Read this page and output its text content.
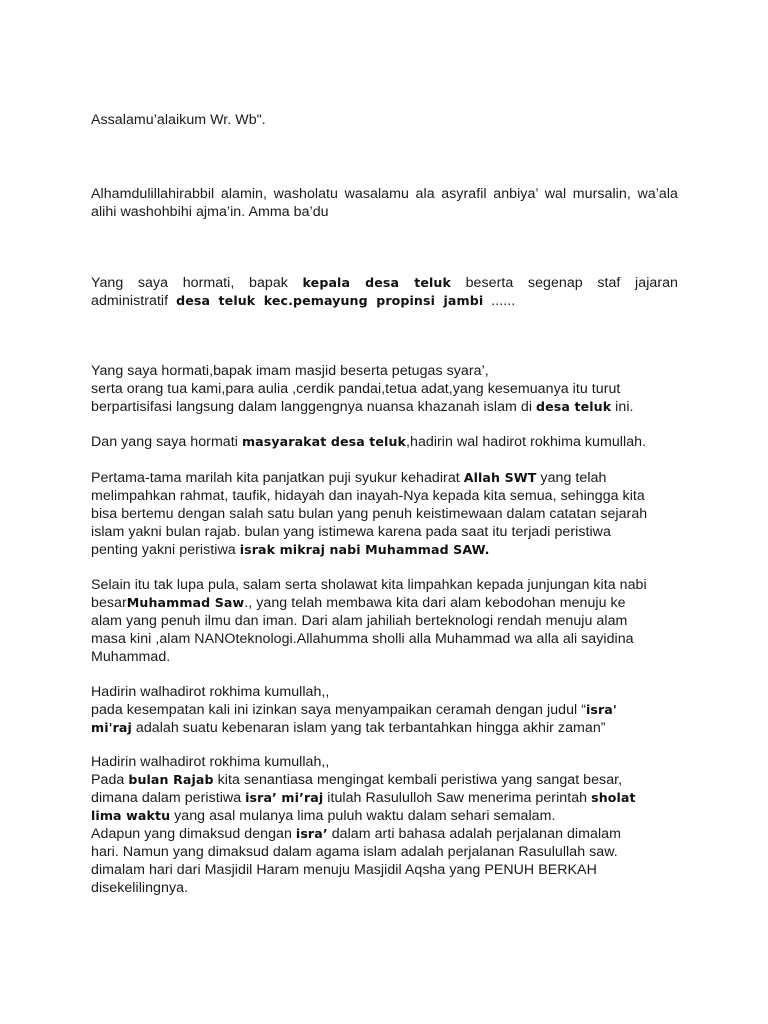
Assalamu’alaikum Wr. Wb".
Alhamdulillahirabbil alamin, washolatu wasalamu ala asyrafil anbiya’ wal mursalin, wa’ala alihi washohbihi ajma’in. Amma ba’du
Yang saya hormati, bapak kepala desa teluk beserta segenap staf jajaran administratif desa teluk kec.pemayung propinsi jambi ......
Yang saya hormati,bapak imam masjid beserta petugas syara’,
serta orang tua kami,para aulia ,cerdik pandai,tetua adat,yang kesemuanya itu turut
berpartisifasi langsung dalam langgengnya nuansa khazanah islam di desa teluk ini.
Dan yang saya hormati masyarakat desa teluk,hadirin wal hadirot rokhima kumullah.
Pertama-tama marilah kita panjatkan puji syukur kehadirat Allah SWT yang telah
melimpahkan rahmat, taufik, hidayah dan inayah-Nya kepada kita semua, sehingga kita
bisa bertemu dengan salah satu bulan yang penuh keistimewaan dalam catatan sejarah
islam yakni bulan rajab. bulan yang istimewa karena pada saat itu terjadi peristiwa
penting yakni peristiwa israk mikraj nabi Muhammad SAW.
Selain itu tak lupa pula, salam serta sholawat kita limpahkan kepada junjungan kita nabi
besarMuhammad Saw., yang telah membawa kita dari alam kebodohan menuju ke
alam yang penuh ilmu dan iman. Dari alam jahiliah berteknologi rendah menuju alam
masa kini ,alam NANOteknologi.Allahumma sholli alla Muhammad wa alla ali sayidina
Muhammad.
Hadirin walhadirot rokhima kumullah,,
pada kesempatan kali ini izinkan saya menyampaikan ceramah dengan judul “isra'
mi'raj adalah suatu kebenaran islam yang tak terbantahkan hingga akhir zaman”
Hadirin walhadirot rokhima kumullah,,
Pada bulan Rajab kita senantiasa mengingat kembali peristiwa yang sangat besar,
dimana dalam peristiwa isra’ mi’raj itulah Rasululloh Saw menerima perintah sholat
lima waktu yang asal mulanya lima puluh waktu dalam sehari semalam.
Adapun yang dimaksud dengan isra’ dalam arti bahasa adalah perjalanan dimalam
hari. Namun yang dimaksud dalam agama islam adalah perjalanan Rasulullah saw.
dimalam hari dari Masjidil Haram menuju Masjidil Aqsha yang PENUH BERKAH
disekelilingnya.
